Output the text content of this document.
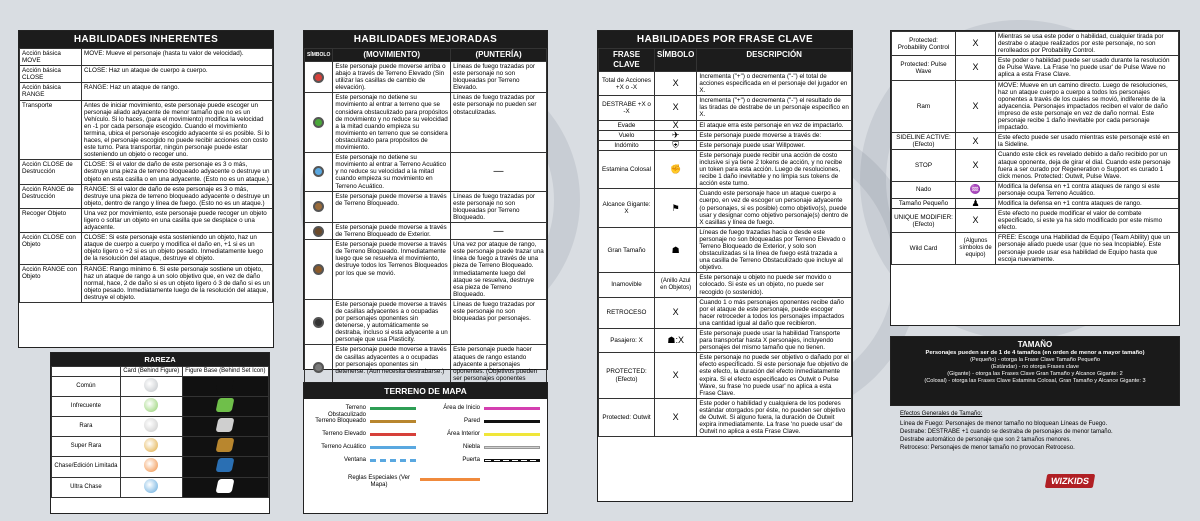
HABILIDADES INHERENTES
Acción básica MOVE	MOVE: Mueve el personaje (hasta tu valor de velocidad).
Acción básica CLOSE	CLOSE: Haz un ataque de cuerpo a cuerpo.
Acción básica RANGE	RANGE: Haz un ataque de rango.
Transporte	Antes de iniciar movimiento, este personaje puede escoger un personaje aliado adyacente de menor tamaño que no es un Vehículo. Si lo haces, (para el movimiento) modifica la velocidad en -1 por cada personaje escogido. Cuando el movimiento termina, ubica el personaje escogido adyacente si es posible. Si lo haces, el personaje escogido no puede recibir acciones con costo este turno. Para transportar, ningún personaje puede estar sosteniendo un objeto o recoger uno.
Acción CLOSE de Destrucción	CLOSE: Si el valor de daño de este personaje es 3 o más, destruye una pieza de terreno bloqueado adyacente o destruye un objeto en esta casilla o en una adyacente. (Esto no es un ataque.)
Acción RANGE de Destrucción	RANGE: Si el valor de daño de este personaje es 3 o más, destruye una pieza de terreno bloqueado adyacente o destruye un objeto, dentro de rango y línea de fuego. (Esto no es un ataque.)
Recoger Objeto	Una vez por movimiento, este personaje puede recoger un objeto ligero o soltar un objeto en una casilla que se desplace o una adyacente.
Acción CLOSE con Objeto	CLOSE: Si este personaje esta sosteniendo un objeto, haz un ataque de cuerpo a cuerpo y modifica el daño en, +1 si es un objeto ligero o +2 si es un objeto pesado. Inmediatamente luego de la resolución del ataque, destruye el objeto.
Acción RANGE con Objeto	RANGE: Rango mínimo 6. Si este personaje sostiene un objeto, haz un ataque de rango a un solo objetivo que, en vez de daño normal, hace, 2 de daño si es un objeto ligero ó 3 de daño si es un objeto pesado. Inmediatamente luego de la resolución del ataque, destruye el objeto.
RAREZA
	Card (Behind Figure)	Figure Base (Behind Set Icon)
Común		
Infrecuente		
Rara		
Super Rara		
Chase/Edición Limitada		
Ultra Chase		
HABILIDADES MEJORADAS
SÍMBOLO	(MOVIMIENTO)	(PUNTERÍA)
	Este personaje puede moverse arriba o abajo a través de Terreno Elevado (Sin utilizar las casillas de cambio de elevación).	Líneas de fuego trazadas por este personaje no son bloqueadas por Terreno Elevado.
	Este personaje no detiene su movimiento al entrar a terreno que se considera obstaculizado para propósitos de movimiento y no reduce su velocidad a la mitad cuando empieza su movimiento en terreno que se considera obstaculizado para propósitos de movimiento.	Líneas de fuego trazadas por este personaje no pueden ser obstaculizadas.
	Este personaje no detiene su movimiento al entrar a Terreno Acuático y no reduce su velocidad a la mitad cuando empieza su movimiento en Terreno Acuático.	—
	Este personaje puede moverse a través de Terreno Bloqueado.	Líneas de fuego trazadas por este personaje no son bloqueadas por Terreno Bloqueado.
	Este personaje puede moverse a través de Terreno Bloqueado de Exterior.	—
	Este personaje puede moverse a través de Terreno Bloqueado. Inmediatamente luego que se resuelva el movimiento, destruye todos los Terrenos Bloqueados por los que se movió.	Una vez por ataque de rango, este personaje puede trazar una línea de fuego a través de una pieza de Terreno Bloqueado. Inmediatamente luego del ataque se resuelva, destruye esa pieza de Terreno Bloqueado.
	Este personaje puede moverse a través de casillas adyacentes a o ocupadas por personajes oponentes sin detenerse, y automáticamente se destraba, incluso si esta adyacente a un personaje que usa Plasticity.	Líneas de fuego trazadas por este personaje no son bloqueadas por personajes.
	Este personaje puede moverse a través de casillas adyacentes a o ocupadas por personajes oponentes sin detenerse. (Aun necesita destrabarse.)	Este personaje puede hacer ataques de rango estando adyacente a personajes oponentes. (Objetivos pueden ser personajes oponentes
TERRENO DE MAPA
Terreno Obstaculizado
Terreno Bloqueado
Terreno Elevado
Terreno Acuático
Ventana
Área de Inicio
Pared
Área Interior
Niebla
Puerta
Reglas Especiales (Ver Mapa)
HABILIDADES POR FRASE CLAVE
FRASE CLAVE	SÍMBOLO	DESCRIPCIÓN
Total de Acciones +X o -X	X	Incrementa ("+") o decrementa ("-") el total de acciones especificada en el personaje del jugador en X.
DESTRABE +X o -X	X	Incrementa ("+") o decrementa ("-") el resultado de las tiradas de destrabe de un personaje específico en X.
Evade	X	El ataque erra este personaje en vez de impactarlo.
Vuelo	✈	Este personaje puede moverse a través de:
Indómito	⛨	Este personaje puede usar Willpower.
Estamina Colosal	✊	Este personaje puede recibir una acción de costo inclusive si ya tiene 2 tokens de acción, y no recibe un token para esta acción. Luego de resoluciones, recibe 1 daño inevitable y no limpia sus tokens de acción este turno.
Alcance Gigante: X	⚑	Cuando este personaje hace un ataque cuerpo a cuerpo, en vez de escoger un personaje adyacente (o personajes, si es posible) como objetivo(s), puede usar y designar como objetivo personaje(s) dentro de X casillas y línea de fuego.
Gran Tamaño	☗	Líneas de fuego trazadas hacia o desde este personaje no son bloqueadas por Terreno Elevado o Terreno Bloqueado de Exterior, y solo son obstaculizadas si la línea de fuego está trazada a una casilla de Terreno Obstaculizado que incluye al objetivo.
Inamovible	(Anillo Azul en Objetos)	Este personaje u objeto no puede ser movido o colocado. Si este es un objeto, no puede ser recogido (o sostenido).
RETROCESO	X	Cuando 1 o más personajes oponentes recibe daño por el ataque de este personaje, puede escoger hacer retroceder a todos los personajes impactados una cantidad igual al daño que recibieron.
Pasajero: X	☗:X	Este personaje puede usar la habilidad Transporte para transportar hasta X personajes, incluyendo personajes del mismo tamaño que no tienen.
PROTECTED: (Efecto)	X	Este personaje no puede ser objetivo o dañado por el efecto especificado. Si este personaje fue objetivo de este efecto, la duración del efecto inmediatamente expira. Si el efecto especificado es Outwit o Pulse Wave, su frase 'no puede usar' no aplica a esta Frase Clave.
Protected: Outwit	X	Este poder o habilidad y cualquiera de los poderes estándar otorgados por éste, no pueden ser objetivo de Outwit. Si alguno fuera, la duración de Outwit expira inmediatamente. La frase 'no puede usar' de Outwit no aplica a esta Frase Clave.
Protected: Probability Control	X	Mientras se usa este poder o habilidad, cualquier tirada por destrabe o ataque realizados por este personaje, no son rerolleados por Probability Control.
Protected: Pulse Wave	X	Este poder o habilidad puede ser usado durante la resolución de Pulse Wave. La Frase 'no puede usar' de Pulse Wave no aplica a esta Frase Clave.
Ram	X	MOVE: Mueve en un camino directo. Luego de resoluciones, haz un ataque cuerpo a cuerpo a todos los personajes oponentes a través de los cuales se movió, indiferente de la adyacencia. Personajes impactados reciben el valor de daño impreso de este personaje en vez de daño normal. Este personaje recibe 1 daño inevitable por cada personaje impactado.
SIDELINE ACTIVE: (Efecto)	X	Este efecto puede ser usado mientras este personaje esté en la Sideline.
STOP	X	Cuando este click es revelado debido a daño recibido por un ataque oponente, deja de girar el dial. Cuando este personaje fuera a ser curado por Regeneration o Support es curado 1 click menos. Protected: Outwit, Pulse Wave.
Nado	♒	Modifica la defensa en +1 contra ataques de rango si este personaje ocupa Terreno Acuático.
Tamaño Pequeño	♟	Modifica la defensa en +1 contra ataques de rango.
UNIQUE MODIFIER: (Efecto)	X	Este efecto no puede modificar el valor de combate especificado, si este ya ha sido modificado por este mismo efecto.
Wild Card	(Algunos símbolos de equipo)	FREE: Escoge una Habilidad de Equipo (Team Ability) que un personaje aliado puede usar (que no sea Incopiable). Este personaje puede usar esa habilidad de Equipo hasta que escoja nuevamente.
TAMAÑO
Personajes pueden ser de 1 de 4 tamaños (en orden de menor a mayor tamaño)
(Pequeño) - otorga la Frase Clave Tamaño Pequeño
(Estándar) - no otorga Frases clave
(Gigante) - otorga las Frases Clave Gran Tamaño y Alcance Gigante: 2
(Colosal) - otorga las Frases Clave Estamina Colosal, Gran Tamaño y Alcance Gigante: 3
Efectos Generales de Tamaño:
Línea de Fuego: Personajes de menor tamaño no bloquean Líneas de Fuego.
Destrabe: DESTRABE +1 cuando se destraba de personajes de menor tamaño.
Destrabe automático de personaje que son 2 tamaños menores.
Retroceso: Personajes de menor tamaño no provocan Retroceso.
WIZKIDS
